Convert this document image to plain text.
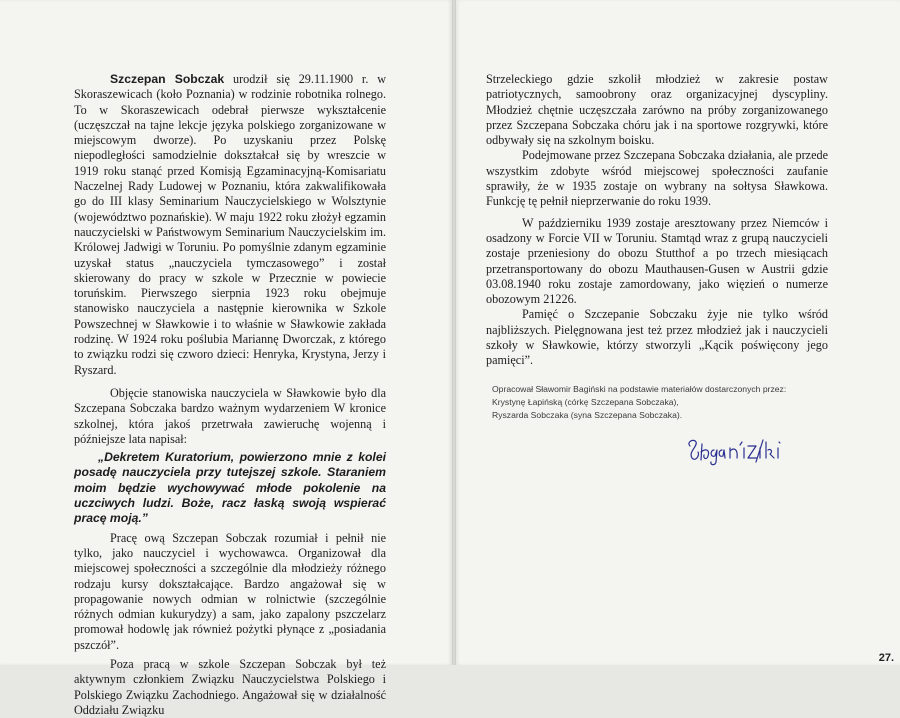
Szczepan Sobczak urodził się 29.11.1900 r. w Skoraszewicach (koło Poznania) w rodzinie robotnika rolnego. To w Skoraszewicach odebrał pierwsze wykształcenie (uczęszczał na tajne lekcje języka polskiego zorganizowane w miejscowym dworze). Po uzyskaniu przez Polskę niepodległości samodzielnie dokształcał się by wreszcie w 1919 roku stanąć przed Komisją Egzaminacyjną-Komisariatu Naczelnej Rady Ludowej w Poznaniu, która zakwalifikowała go do III klasy Seminarium Nauczycielskiego w Wolsztynie (województwo poznańskie). W maju 1922 roku złożył egzamin nauczycielski w Państwowym Seminarium Nauczycielskim im. Królowej Jadwigi w Toruniu. Po pomyślnie zdanym egzaminie uzyskał status „nauczyciela tymczasowego” i został skierowany do pracy w szkole w Przecznie w powiecie toruńskim. Pierwszego sierpnia 1923 roku obejmuje stanowisko nauczyciela a następnie kierownika w Szkole Powszechnej w Sławkowie i to właśnie w Sławkowie zakłada rodzinę. W 1924 roku poślubia Mariannę Dworczak, z którego to związku rodzi się czworo dzieci: Henryka, Krystyna, Jerzy i Ryszard.

Objęcie stanowiska nauczyciela w Sławkowie było dla Szczepana Sobczaka bardzo ważnym wydarzeniem W kronice szkolnej, która jakoś przetrwała zawieruchę wojenną i późniejsze lata napisał:

„Dekretem Kuratorium, powierzono mnie z kolei posadę nauczyciela przy tutejszej szkole. Staraniem moim będzie wychowywać młode pokolenie na uczciwych ludzi. Boże, racz łaską swoją wspierać pracę moją.”

Pracę ową Szczepan Sobczak rozumiał i pełnił nie tylko, jako nauczyciel i wychowawca. Organizował dla miejscowej społeczności a szczególnie dla młodzieży różnego rodzaju kursy dokształcające. Bardzo angażował się w propagowanie nowych odmian w rolnictwie (szczególnie różnych odmian kukurydzy) a sam, jako zapalony pszczelarz promował hodowlę jak również pożytki płynące z „posiadania pszczół”.

Poza pracą w szkole Szczepan Sobczak był też aktywnym członkiem Związku Nauczycielstwa Polskiego i Polskiego Związku Zachodniego. Angażował się w działalność Oddziału Związku

Strzeleckiego gdzie szkolił młodzież w zakresie postaw patriotycznych, samoobrony oraz organizacyjnej dyscypliny. Młodzież chętnie uczęszczała zarówno na próby zorganizowanego przez Szczepana Sobczaka chóru jak i na sportowe rozgrywki, które odbywały się na szkolnym boisku.

Podejmowane przez Szczepana Sobczaka działania, ale przede wszystkim zdobyte wśród miejscowej społeczności zaufanie sprawiły, że w 1935 zostaje on wybrany na sołtysa Sławkowa. Funkcję tę pełnił nieprzerwanie do roku 1939.

W październiku 1939 zostaje aresztowany przez Niemców i osadzony w Forcie VII w Toruniu. Stamtąd wraz z grupą nauczycieli zostaje przeniesiony do obozu Stutthof a po trzech miesiącach przetransportowany do obozu Mauthausen-Gusen w Austrii gdzie 03.08.1940 roku zostaje zamordowany, jako więzień o numerze obozowym 21226.

Pamięć o Szczepanie Sobczaku żyje nie tylko wśród najbliższych. Pielęgnowana jest też przez młodzież jak i nauczycieli szkoły w Sławkowie, którzy stworzyli „Kącik poświęcony jego pamięci”.

Opracował Sławomir Bagiński na podstawie materiałów dostarczonych przez:
Krystynę Łapińską (córkę Szczepana Sobczaka),
Ryszarda Sobczaka (syna Szczepana Sobczaka).
27.
